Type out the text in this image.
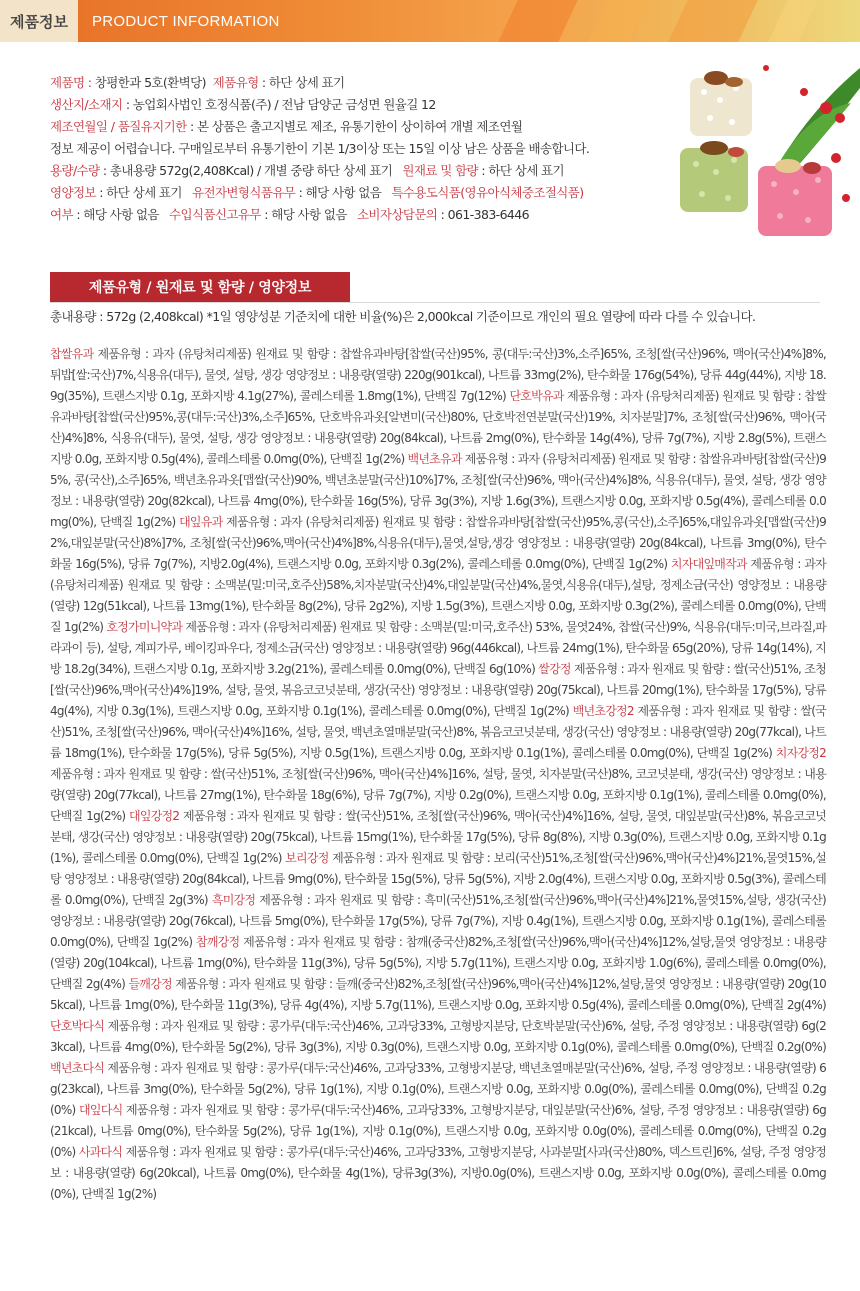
제품정보	PRODUCT INFORMATION
제품명 : 창평한과 5호(환벽당) 제품유형 : 하단 상세 표기
생산지/소재지 : 농업회사법인 호정식품(주) / 전남 담양군 금성면 원율길 12
제조연월일 / 품질유지기한 : 본 상품은 출고지별로 제조, 유통기한이 상이하여 개별 제조연월
정보 제공이 어렵습니다. 구매일로부터 유통기한이 기본 1/3이상 또는 15일 이상 남은 상품을 배송합니다.
용량/수량 : 총내용량 572g(2,408Kcal) / 개별 중량 하단 상세 표기 원재료 및 함량 : 하단 상세 표기
영양정보 : 하단 상세 표기 유전자변형식품유무 : 해당 사항 없음 특수용도식품(영유아식체중조절식품)
여부 : 해당 사항 없음 수입식품신고유무 : 해당 사항 없음 소비자상담문의 : 061-383-6446
제품유형 / 원재료 및 함량 / 영양정보
총내용량 : 572g (2,408kcal) *1일 영양성분 기준치에 대한 비율(%)은 2,000kcal 기준이므로 개인의 필요 열량에 따라 다를 수 있습니다.
찹쌀유과 제품유형 : 과자 (유탕처리제품) 원재료 및 함량 : 찹쌀유과바탕[찹쌀(국산)95%, 콩(대두:국산)3%,소주]65%, 조청[쌀(국산)96%, 맥아(국산)4%]8%, 튀밥[쌀:국산)7%,식용유(대두), 물엿, 설탕, 생강 영양정보 : 내용량(열량) 220g(901kcal), 나트륨 33mg(2%), 탄수화물 176g(54%), 당류 44g(44%), 지방 18.9g(35%), 트랜스지방 0.1g, 포화지방 4.1g(27%), 콜레스테롤 1.8mg(1%), 단백질 7g(12%) 단호박유과 제품유형 : 과자 (유탕처리제품) 원재료 및 함량 : 찹쌀유과바탕[찹쌀(국산)95%,콩(대두:국산)3%,소주]65%, 단호박유과옷[알변미(국산)80%, 단호박전연분말(국산)19%, 치자분말]7%, 조청[쌀(국산)96%, 맥아(국산)4%]8%, 식용유(대두), 물엿, 설탕, 생강 영양정보 : 내용량(열량) 20g(84kcal), 나트륨 2mg(0%), 탄수화물 14g(4%), 당류 7g(7%), 지방 2.8g(5%), 트랜스지방 0.0g, 포화지방 0.5g(4%), 콜레스테롤 0.0mg(0%), 단백질 1g(2%) 백년초유과 제품유형 : 과자 (유탕처리제품) 원재료 및 함량 : 찹쌀유과바탕[찹쌀(국산)95%, 콩(국산),소주]65%, 백년초유과옷[맵쌀(국산)90%, 백년초분말(국산)10%]7%, 조청[쌀(국산)96%, 맥아(국산)4%]8%, 식용유(대두), 물엿, 설탕, 생강 영양정보 : 내용량(열량) 20g(82kcal), 나트륨 4mg(0%), 탄수화물 16g(5%), 당류 3g(3%), 지방 1.6g(3%), 트랜스지방 0.0g, 포화지방 0.5g(4%), 콜레스테롤 0.0mg(0%), 단백질 1g(2%) 대잎유과 제품유형 : 과자 (유탕처리제품) 원재료 및 함량 : 찹쌀유과바탕[찹쌀(국산)95%,콩(국산),소주]65%,대잎유과옷[맵쌀(국산)92%,대잎분말(국산)8%]7%, 조청[쌀(국산)96%,맥아(국산)4%]8%,식용유(대두),물엿,설탕,생강 영양정보 : 내용량(열량) 20g(84kcal), 나트륨 3mg(0%), 탄수화물 16g(5%), 당류 7g(7%), 지방2.0g(4%), 트랜스지방 0.0g, 포화지방 0.3g(2%), 콜레스테롤 0.0mg(0%), 단백질 1g(2%) 치자대잎매작과 제품유형 : 과자 (유탕처리제품) 원재료 및 함량 : 소맥분(밀:미국,호주산)58%,치자분말(국산)4%,대잎분말(국산)4%,물엿,식용유(대두),설탕, 정제소금(국산) 영양정보 : 내용량(열량) 12g(51kcal), 나트륨 13mg(1%), 탄수화물 8g(2%), 당류 2g2%), 지방 1.5g(3%), 트랜스지방 0.0g, 포화지방 0.3g(2%), 콜레스테롤 0.0mg(0%), 단백질 1g(2%) 호정가미니약과 제품유형 : 과자 (유탕처리제품) 원재료 및 함량 : 소맥분(밀:미국,호주산) 53%, 물엿24%, 찹쌀(국산)9%, 식용유(대두:미국,브라질,파라과이 등), 설탕, 계피가루, 베이킹파우다, 정제소금(국산) 영양정보 : 내용량(열량) 96g(446kcal), 나트륨 24mg(1%), 탄수화물 65g(20%), 당류 14g(14%), 지방 18.2g(34%), 트랜스지방 0.1g, 포화지방 3.2g(21%), 콜레스테롤 0.0mg(0%), 단백질 6g(10%) 쌀강정 제품유형 : 과자 원재료 및 함량 : 쌀(국산)51%, 조청[쌀(국산)96%,맥아(국산)4%]19%, 설탕, 물엿, 볶음코코넛분태, 생강(국산) 영양정보 : 내용량(열량) 20g(75kcal), 나트륨 20mg(1%), 탄수화물 17g(5%), 당류 4g(4%), 지방 0.3g(1%), 트랜스지방 0.0g, 포화지방 0.1g(1%), 콜레스테롤 0.0mg(0%), 단백질 1g(2%) 백년초강정2 제품유형 : 과자 원재료 및 함량 : 쌀(국산)51%, 조청[쌀(국산)96%, 맥아(국산)4%]16%, 설탕, 물엿, 백년초열매분말(국산)8%, 볶음코코넛분태, 생강(국산) 영양정보 : 내용량(열량) 20g(77kcal), 나트륨 18mg(1%), 탄수화물 17g(5%), 당류 5g(5%), 지방 0.5g(1%), 트랜스지방 0.0g, 포화지방 0.1g(1%), 콜레스테롤 0.0mg(0%), 단백질 1g(2%) 치자강정2 제품유형 : 과자 원재료 및 함량 : 쌀(국산)51%, 조청[쌀(국산)96%, 맥아(국산)4%]16%, 설탕, 물엿, 치자분말(국산)8%, 코코넛분태, 생강(국산) 영양정보 : 내용량(열량) 20g(77kcal), 나트륨 27mg(1%), 탄수화물 18g(6%), 당류 7g(7%), 지방 0.2g(0%), 트랜스지방 0.0g, 포화지방 0.1g(1%), 콜레스테롤 0.0mg(0%), 단백질 1g(2%) 대잎강정2 제품유형 : 과자 원재료 및 함량 : 쌀(국산)51%, 조청[쌀(국산)96%, 맥아(국산)4%]16%, 설탕, 물엿, 대잎분말(국산)8%, 볶음코코넛분태, 생강(국산) 영양정보 : 내용량(열량) 20g(75kcal), 나트륨 15mg(1%), 탄수화물 17g(5%), 당류 8g(8%), 지방 0.3g(0%), 트랜스지방 0.0g, 포화지방 0.1g(1%), 콜레스테롤 0.0mg(0%), 단백질 1g(2%) 보리강정 제품유형 : 과자 원재료 및 함량 : 보리(국산)51%,조청[쌀(국산)96%,맥아(국산)4%]21%,물엿15%,설탕 영양정보 : 내용량(열량) 20g(84kcal), 나트륨 9mg(0%), 탄수화물 15g(5%), 당류 5g(5%), 지방 2.0g(4%), 트랜스지방 0.0g, 포화지방 0.5g(3%), 콜레스테롤 0.0mg(0%), 단백질 2g(3%) 흑미강정 제품유형 : 과자 원재료 및 함량 : 흑미(국산)51%,조청[쌀(국산)96%,맥아(국산)4%]21%,물엿15%,설탕, 생강(국산) 영양정보 : 내용량(열량) 20g(76kcal), 나트륨 5mg(0%), 탄수화물 17g(5%), 당류 7g(7%), 지방 0.4g(1%), 트랜스지방 0.0g, 포화지방 0.1g(1%), 콜레스테롤 0.0mg(0%), 단백질 1g(2%) 참깨강정 제품유형 : 과자 원재료 및 함량 : 참깨(중국산)82%,조청[쌀(국산)96%,맥아(국산)4%]12%,설탕,물엿 영양정보 : 내용량(열량) 20g(104kcal), 나트륨 1mg(0%), 탄수화물 11g(3%), 당류 5g(5%), 지방 5.7g(11%), 트랜스지방 0.0g, 포화지방 1.0g(6%), 콜레스테롤 0.0mg(0%), 단백질 2g(4%) 들깨강정 제품유형 : 과자 원재료 및 함량 : 들깨(중국산)82%,조청[쌀(국산)96%,맥아(국산)4%]12%,설탕,물엿 영양정보 : 내용량(열량) 20g(105kcal), 나트륨 1mg(0%), 탄수화물 11g(3%), 당류 4g(4%), 지방 5.7g(11%), 트랜스지방 0.0g, 포화지방 0.5g(4%), 콜레스테롤 0.0mg(0%), 단백질 2g(4%) 단호박다식 제품유형 : 과자 원재료 및 함량 : 콩가루(대두:국산)46%, 고과당33%, 고형방지분당, 단호박분말(국산)6%, 설탕, 주정 영양정보 : 내용량(열량) 6g(23kcal), 나트륨 4mg(0%), 탄수화물 5g(2%), 당류 3g(3%), 지방 0.3g(0%), 트랜스지방 0.0g, 포화지방 0.1g(0%), 콜레스테롤 0.0mg(0%), 단백질 0.2g(0%) 백년초다식 제품유형 : 과자 원재료 및 함량 : 콩가루(대두:국산)46%, 고과당33%, 고형방지분당, 백년초열매분말(국산)6%, 설탕, 주정 영양정보 : 내용량(열량) 6g(23kcal), 나트륨 3mg(0%), 탄수화물 5g(2%), 당류 1g(1%), 지방 0.1g(0%), 트랜스지방 0.0g, 포화지방 0.0g(0%), 콜레스테롤 0.0mg(0%), 단백질 0.2g(0%) 대잎다식 제품유형 : 과자 원재료 및 함량 : 콩가루(대두:국산)46%, 고과당33%, 고형방지분당, 대잎분말(국산)6%, 설탕, 주정 영양정보 : 내용량(열량) 6g(21kcal), 나트륨 0mg(0%), 탄수화물 5g(2%), 당류 1g(1%), 지방 0.1g(0%), 트랜스지방 0.0g, 포화지방 0.0g(0%), 콜레스테롤 0.0mg(0%), 단백질 0.2g(0%) 사과다식 제품유형 : 과자 원재료 및 함량 : 콩가루(대두:국산)46%, 고과당33%, 고형방지분당, 사과분말[사과(국산)80%, 덱스트린]6%, 설탕, 주정 영양정보 : 내용량(열량) 6g(20kcal), 나트륨 0mg(0%), 탄수화물 4g(1%), 당류3g(3%), 지방0.0g(0%), 트랜스지방 0.0g, 포화지방 0.0g(0%), 콜레스테롤 0.0mg(0%), 단백질 1g(2%)
